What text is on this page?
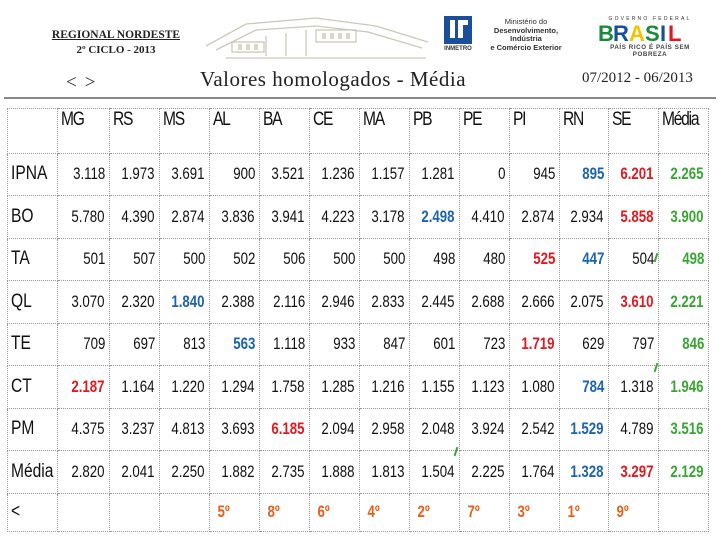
REGIONAL NORDESTE
2º CICLO - 2013
<>	Valores homologados - Média
INMETRO
Ministério do
Desenvolvimento, Indústria
e Comércio Exterior
GOVERNO FEDERAL
B R A S I L
PAÍS RICO É PAÍS SEM POBREZA
07/2012 - 06/2013
	MG	RS	MS	AL	BA	CE	MA	PB	PE	PI	RN	SE	Média
IPNA	3.118	1.973	3.691	900	3.521	1.236	1.157	1.281	0	945	895	6.201	2.265
BO	5.780	4.390	2.874	3.836	3.941	4.223	3.178	2.498	4.410	2.874	2.934	5.858	3.900
TA	501	507	500	502	506	500	500	498	480	525	447	504	498
QL	3.070	2.320	1.840	2.388	2.116	2.946	2.833	2.445	2.688	2.666	2.075	3.610	2.221
TE	709	697	813	563	1.118	933	847	601	723	1.719	629	797	846
CT	2.187	1.164	1.220	1.294	1.758	1.285	1.216	1.155	1.123	1.080	784	1.318	1.946
PM	4.375	3.237	4.813	3.693	6.185	2.094	2.958	2.048	3.924	2.542	1.529	4.789	3.516
Média	2.820	2.041	2.250	1.882	2.735	1.888	1.813	1.504	2.225	1.764	1.328	3.297	2.129
<				5º	8º	6º	4º	2º	7º	3º	1º	9º	
